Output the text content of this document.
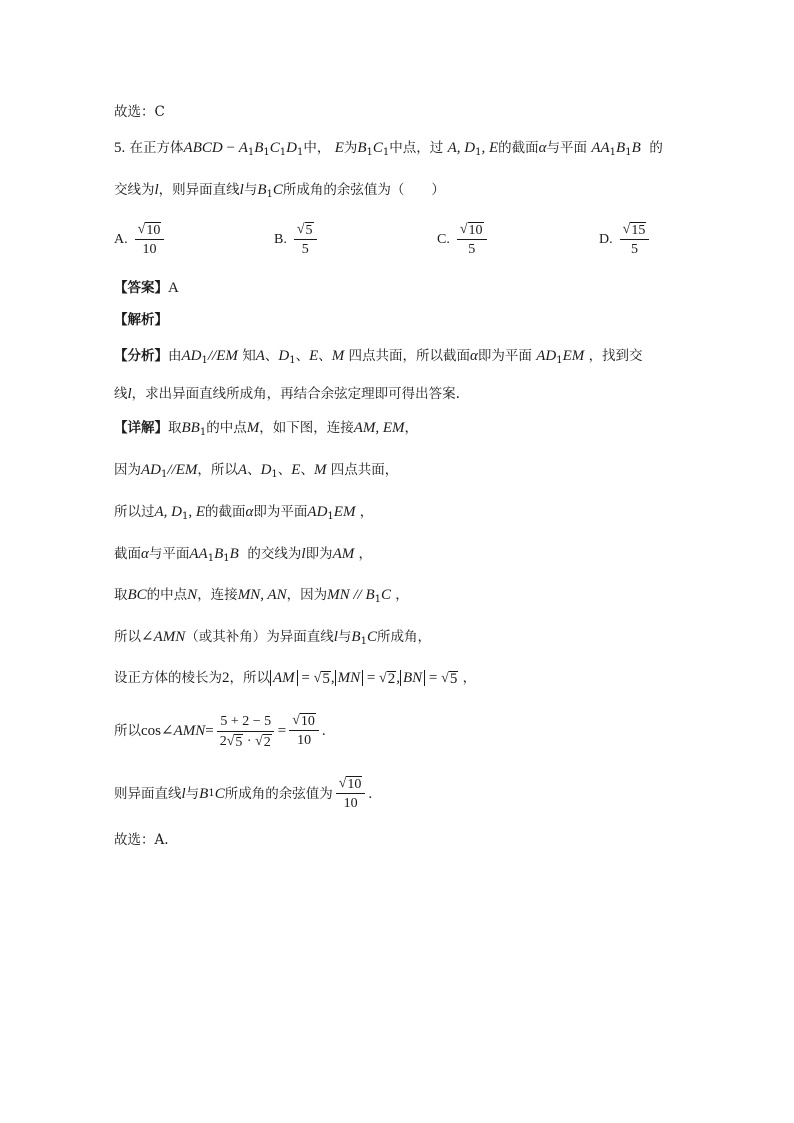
故选：C
5. 在正方体ABCD − $A_1B_1C_1D_1$中， E为$B_1C_1$中点，过 A, $D_1$, E的截面α与平面 $AA_1B_1B$ 的
交线为l，则异面直线l与$B_1C$所成角的余弦值为（　　）
A. $\frac{√ 10}{10}$	B. $\frac{√ 5}{5}$	C. $\frac{√ 10}{5}$	D. $\frac{√ 15}{5}$
【答案】A
【解析】
【分析】由$AD_1//EM$ 知A、$D_1$、E、M 四点共面，所以截面α即为平面 $AD_1EM$ ，找到交
线l，求出异面直线所成角，再结合余弦定理即可得出答案.
【详解】取$BB_1$的中点M，如下图，连接AM, EM，
因为$AD_1//EM$，所以A、$D_1$、E、M 四点共面，
所以过A, $D_1$, E的截面α即为平面$AD_1EM$ ，
截面α与平面$AA_1B_1B$ 的交线为l即为AM ，
取BC的中点N，连接MN, AN，因为MN // $B_1C$ ，
所以∠AMN（或其补角）为异面直线l与$B_1C$所成角，
设正方体的棱长为2，所以 AM = √ 5 , MN = √ 2 , BN = √ 5 ，
所以 cos ∠AMN = $\frac{5 + 2 - 5}{2 √ 5 \cdot √ 2} = \frac{√ 10}{10}$ .
则异面直线 l 与 B 1 C 所成角的余弦值为 $\frac{√ 10}{10}$ .
故选：A.
